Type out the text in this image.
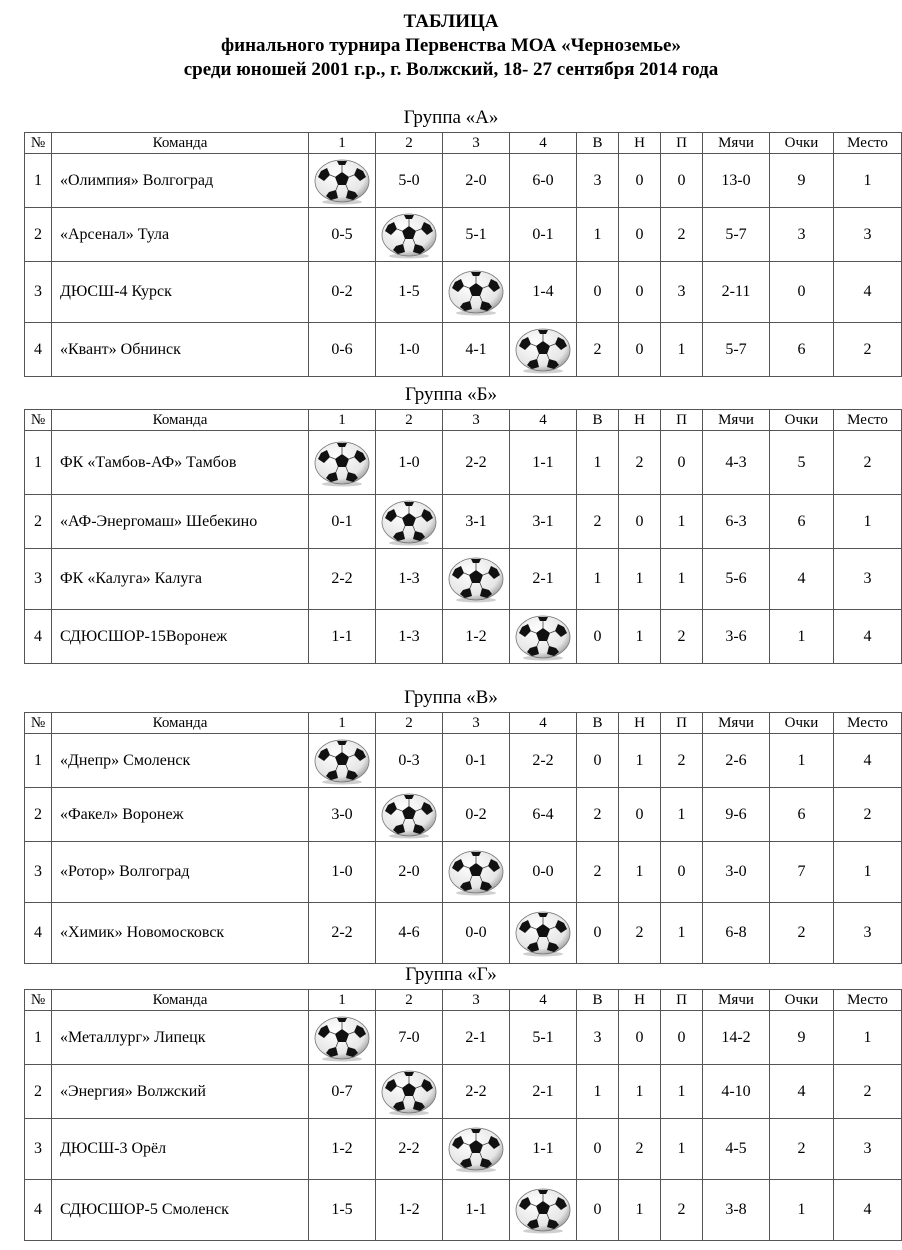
ТАБЛИЦА
финального турнира Первенства МОА «Черноземье»
среди юношей 2001 г.р., г. Волжский, 18- 27 сентября 2014 года
Группа «А»
№	Команда	1	2	3	4	В	Н	П	Мячи	Очки	Место
1	«Олимпия» Волгоград		5-0	2-0	6-0	3	0	0	13-0	9	1
2	«Арсенал» Тула	0-5		5-1	0-1	1	0	2	5-7	3	3
3	ДЮСШ-4 Курск	0-2	1-5		1-4	0	0	3	2-11	0	4
4	«Квант» Обнинск	0-6	1-0	4-1		2	0	1	5-7	6	2
Группа «Б»
№	Команда	1	2	3	4	В	Н	П	Мячи	Очки	Место
1	ФК «Тамбов-АФ» Тамбов		1-0	2-2	1-1	1	2	0	4-3	5	2
2	«АФ-Энергомаш» Шебекино	0-1		3-1	3-1	2	0	1	6-3	6	1
3	ФК «Калуга» Калуга	2-2	1-3		2-1	1	1	1	5-6	4	3
4	СДЮСШОР-15Воронеж	1-1	1-3	1-2		0	1	2	3-6	1	4
Группа «В»
№	Команда	1	2	3	4	В	Н	П	Мячи	Очки	Место
1	«Днепр» Смоленск		0-3	0-1	2-2	0	1	2	2-6	1	4
2	«Факел» Воронеж	3-0		0-2	6-4	2	0	1	9-6	6	2
3	«Ротор» Волгоград	1-0	2-0		0-0	2	1	0	3-0	7	1
4	«Химик» Новомосковск	2-2	4-6	0-0		0	2	1	6-8	2	3
Группа «Г»
№	Команда	1	2	3	4	В	Н	П	Мячи	Очки	Место
1	«Металлург» Липецк		7-0	2-1	5-1	3	0	0	14-2	9	1
2	«Энергия» Волжский	0-7		2-2	2-1	1	1	1	4-10	4	2
3	ДЮСШ-3 Орёл	1-2	2-2		1-1	0	2	1	4-5	2	3
4	СДЮСШОР-5 Смоленск	1-5	1-2	1-1		0	1	2	3-8	1	4
